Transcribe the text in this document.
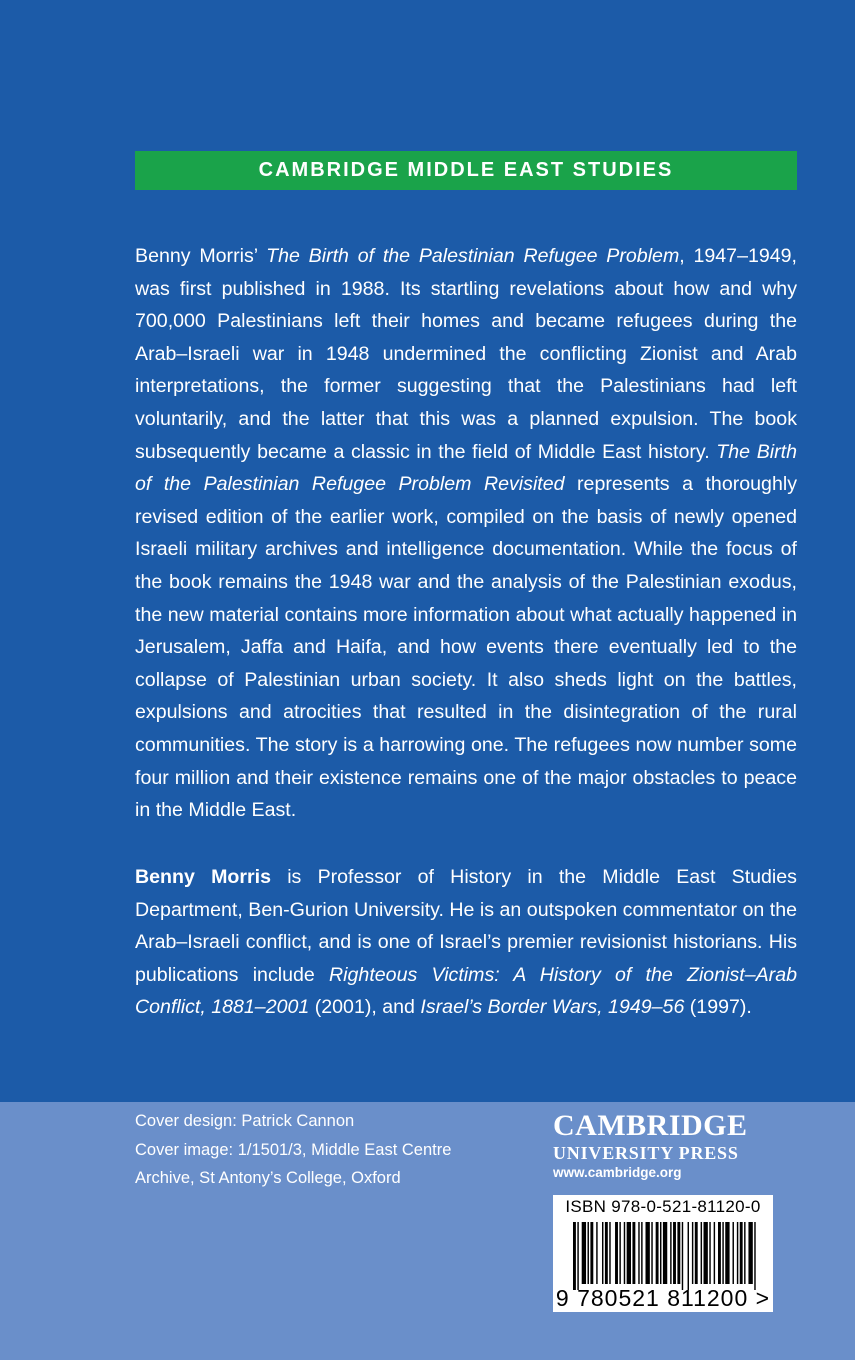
CAMBRIDGE MIDDLE EAST STUDIES

Benny Morris’ The Birth of the Palestinian Refugee Problem, 1947–1949, was first published in 1988. Its startling revelations about how and why 700,000 Palestinians left their homes and became refugees during the Arab–Israeli war in 1948 undermined the conflicting Zionist and Arab interpretations, the former suggesting that the Palestinians had left voluntarily, and the latter that this was a planned expulsion. The book subsequently became a classic in the field of Middle East history. The Birth of the Palestinian Refugee Problem Revisited represents a thoroughly revised edition of the earlier work, compiled on the basis of newly opened Israeli military archives and intelligence documentation. While the focus of the book remains the 1948 war and the analysis of the Palestinian exodus, the new material contains more information about what actually happened in Jerusalem, Jaffa and Haifa, and how events there eventually led to the collapse of Palestinian urban society. It also sheds light on the battles, expulsions and atrocities that resulted in the disintegration of the rural communities. The story is a harrowing one. The refugees now number some four million and their existence remains one of the major obstacles to peace in the Middle East.

Benny Morris is Professor of History in the Middle East Studies Department, Ben-Gurion University. He is an outspoken commentator on the Arab–Israeli conflict, and is one of Israel’s premier revisionist historians. His publications include Righteous Victims: A History of the Zionist–Arab Conflict, 1881–2001 (2001), and Israel’s Border Wars, 1949–56 (1997).

Cover design: Patrick Cannon
Cover image: 1/1501/3, Middle East Centre
Archive, St Antony’s College, Oxford
CAMBRIDGE
UNIVERSITY PRESS
www.cambridge.org
ISBN 978-0-521-81120-0
9 780521 811200 >
